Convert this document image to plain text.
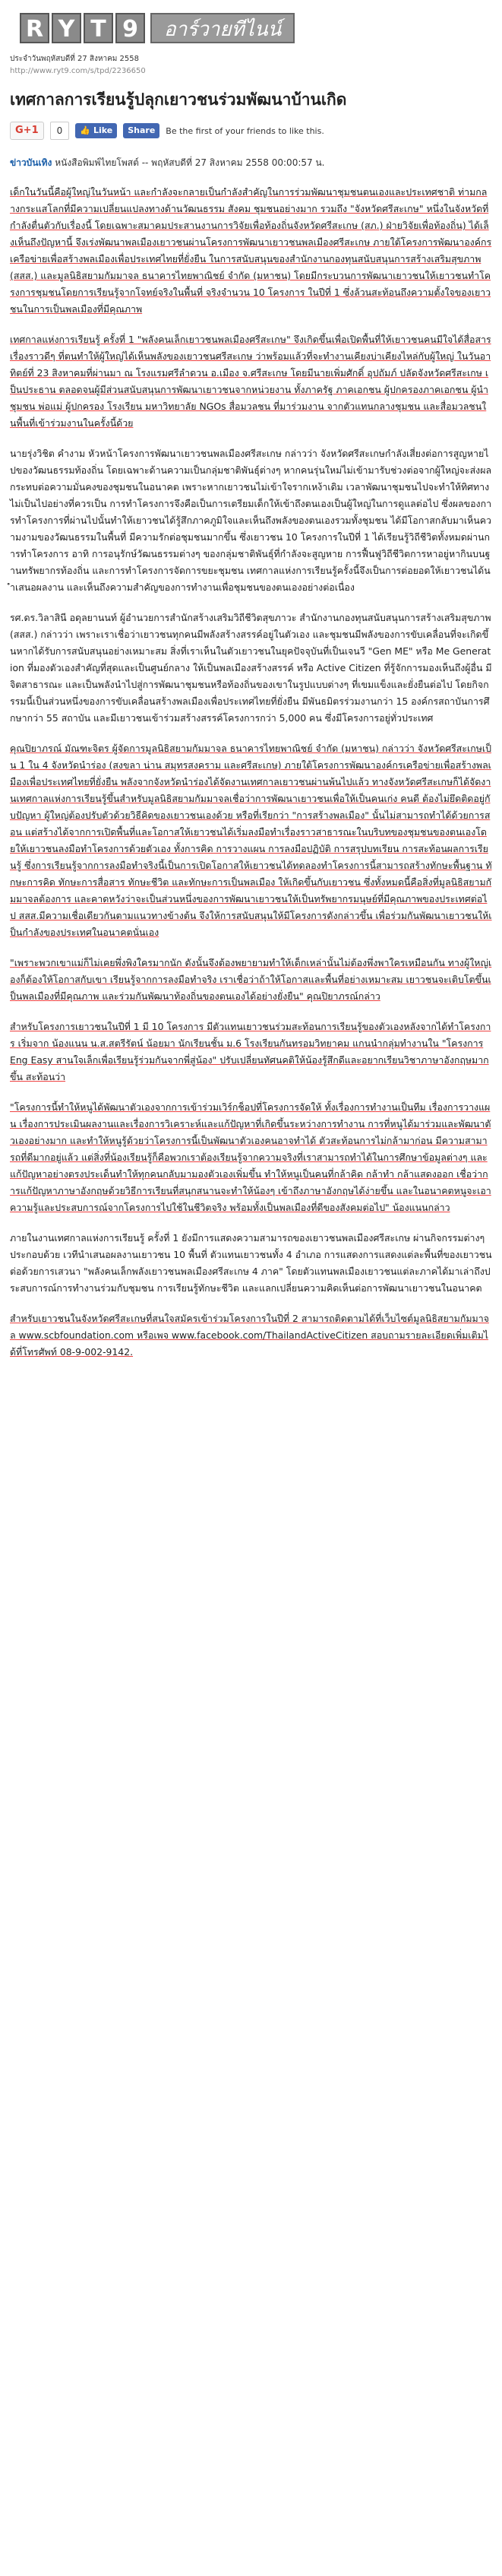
R Y T 9	อาร์วายทีไนน์
ประจำวันพฤหัสบดีที่ 27 สิงหาคม 2558
http://www.ryt9.com/s/tpd/2236650
เทศกาลการเรียนรู้ปลุกเยาวชนร่วมพัฒนาบ้านเกิด
G+1	0	👍 Like	Share	Be the first of your friends to like this.
ข่าวบันเทิง หนังสือพิมพ์ไทยโพสต์ -- พฤหัสบดีที่ 27 สิงหาคม 2558 00:00:57 น.

เด็กในวันนี้คือผู้ใหญ่ในวันหน้า และกำลังจะกลายเป็นกำลังสำคัญในการร่วมพัฒนาชุมชนตนเองและประเทศชาติ ท่ามกลางกระแสโลกที่มีความเปลี่ยนแปลงทางด้านวัฒนธรรม สังคม ชุมชนอย่างมาก รวมถึง "จังหวัดศรีสะเกษ" หนึ่งในจังหวัดที่กำลังตื่นตัวกับเรื่องนี้ โดยเฉพาะสมาคมประสานงานการวิจัยเพื่อท้องถิ่นจังหวัดศรีสะเกษ (สภ.) ฝ่ายวิจัยเพื่อท้องถิ่น) ได้เล็งเห็นถึงปัญหานี้ จึงเร่งพัฒนาพลเมืองเยาวชนผ่านโครงการพัฒนาเยาวชนพลเมืองศรีสะเกษ ภายใต้โครงการพัฒนาองค์กรเครือข่ายเพื่อสร้างพลเมืองเพื่อประเทศไทยที่ยั่งยืน ในการสนับสนุนของสำนักงานกองทุนสนับสนุนการสร้างเสริมสุขภาพ (สสส.) และมูลนิธิสยามกัมมาจล ธนาคารไทยพาณิชย์ จำกัด (มหาชน) โดยมีกระบวนการพัฒนาเยาวชนให้เยาวชนทำโครงการชุมชนโดยการเรียนรู้จากโจทย์จริงในพื้นที่ จริงจำนวน 10 โครงการ ในปีที่ 1 ซึ่งล้วนสะท้อนถึงความตั้งใจของเยาวชนในการเป็นพลเมืองที่มีคุณภาพ

เทศกาลแห่งการเรียนรู้ ครั้งที่ 1 "พลังคนเล็กเยาวชนพลเมืองศรีสะเกษ" จึงเกิดขึ้นเพื่อเปิดพื้นที่ให้เยาวชนคนมีใจได้สื่อสารเรื่องราวดีๆ ที่ตนทำให้ผู้ใหญ่ได้เห็นพลังของเยาวชนศรีสะเกษ ว่าพร้อมแล้วที่จะทำงานเคียงบ่าเคียงไหล่กับผู้ใหญ่ ในวันอาทิตย์ที่ 23 สิงหาคมที่ผ่านมา ณ โรงแรมศรีลำดวน อ.เมือง จ.ศรีสะเกษ โดยมีนายเพิ่มศักดิ์ อุปถัมภ์ ปลัดจังหวัดศรีสะเกษ เป็นประธาน ตลอดจนผู้มีส่วนสนับสนุนการพัฒนาเยาวชนจากหน่วยงาน ทั้งภาครัฐ ภาคเอกชน ผู้ปกครองภาคเอกชน ผู้นำชุมชน พ่อแม่ ผู้ปกครอง โรงเรียน มหาวิทยาลัย NGOs สื่อมวลชน ที่มาร่วมงาน จากตัวแทนกลางชุมชน และสื่อมวลชนในพื้นที่เข้าร่วมงานในครั้งนี้ด้วย

นายรุ่งวิชิต คำงาม หัวหน้าโครงการพัฒนาเยาวชนพลเมืองศรีสะเกษ กล่าวว่า จังหวัดศรีสะเกษกำลังเสี่ยงต่อการสูญหายไปของวัฒนธรรมท้องถิ่น โดยเฉพาะด้านความเป็นกลุ่มชาติพันธุ์ต่างๆ หากคนรุ่นใหม่ไม่เข้ามารับช่วงต่อจากผู้ใหญ่จะส่งผลกระทบต่อความมั่นคงของชุมชนในอนาคต เพราะหากเยาวชนไม่เข้าใจรากเหง้าเดิม เวลาพัฒนาชุมชนไปจะทำให้ทิศทางไม่เป็นไปอย่างที่ควรเป็น การทำโครงการจึงคือเป็นการเตรียมเด็กให้เข้าถึงตนเองเป็นผู้ใหญ่ในการดูแลต่อไป ซึ่งผลของการทำโครงการที่ผ่านไปนั้นทำให้เยาวชนได้รู้สึกภาคภูมิใจและเห็นถึงพลังของตนเองรวมทั้งชุมชน ได้มีโอกาสกลับมาเห็นความงามของวัฒนธรรมในพื้นที่ มีความรักต่อชุมชนมากขึ้น ซึ่งเยาวชน 10 โครงการในปีที่ 1 ได้เรียนรู้วิถีชีวิตทั้งหมดผ่านการทำโครงการ อาทิ การอนุรักษ์วัฒนธรรมต่างๆ ของกลุ่มชาติพันธุ์ที่กำลังจะสูญหาย การฟื้นฟูวิถีชีวิตการหาอยู่หากินบนฐานทรัพยากรท้องถิ่น และการทำโครงการจัดการขยะชุมชน เทศกาลแห่งการเรียนรู้ครั้งนี้จึงเป็นการต่อยอดให้เยาวชนได้นำเสนอผลงาน และเห็นถึงความสำคัญของการทำงานเพื่อชุมชนของตนเองอย่างต่อเนื่อง

รศ.ดร.วิลาสินี อดุลยานนท์ ผู้อำนวยการสำนักสร้างเสริมวิถีชีวิตสุขภาวะ สำนักงานกองทุนสนับสนุนการสร้างเสริมสุขภาพ (สสส.) กล่าวว่า เพราะเราเชื่อว่าเยาวชนทุกคนมีพลังสร้างสรรค์อยู่ในตัวเอง และชุมชนมีพลังของการขับเคลื่อนที่จะเกิดขึ้นหากได้รับการสนับสนุนอย่างเหมาะสม สิ่งที่เราเห็นในตัวเยาวชนในยุคปัจจุบันที่เป็นเจนวี "Gen ME" หรือ Me Generation ที่มองตัวเองสำคัญที่สุดและเป็นศูนย์กลาง ให้เป็นพลเมืองสร้างสรรค์ หรือ Active Citizen ที่รู้จักการมองเห็นถึงผู้อื่น มีจิตสาธารณะ และเป็นพลังนำไปสู่การพัฒนาชุมชนหรือท้องถิ่นของเขาในรูปแบบต่างๆ ที่เขมแข็งและยั่งยืนต่อไป โดยกิจกรรมนี้เป็นส่วนหนึ่งของการขับเคลื่อนสร้างพลเมืองเพื่อประเทศไทยที่ยั่งยืน มีพันธมิตรร่วมงานกว่า 15 องค์กรสถาบันการศึกษากว่า 55 สถาบัน และมีเยาวชนเข้าร่วมสร้างสรรค์โครงการกว่า 5,000 คน ซึ่งมีโครงการอยู่ทั่วประเทศ

คุณปิยาภรณ์ มัณฑะจิตร ผู้จัดการมูลนิธิสยามกัมมาจล ธนาคารไทยพาณิชย์ จำกัด (มหาชน) กล่าวว่า จังหวัดศรีสะเกษเป็น 1 ใน 4 จังหวัดนำร่อง (สงขลา น่าน สมุทรสงคราม และศรีสะเกษ) ภายใต้โครงการพัฒนาองค์กรเครือข่ายเพื่อสร้างพลเมืองเพื่อประเทศไทยที่ยั่งยืน พลังจากจังหวัดนำร่องได้จัดงานเทศกาลเยาวชนผ่านพ้นไปแล้ว ทางจังหวัดศรีสะเกษก็ได้จัดงานเทศกาลแห่งการเรียนรู้ขึ้นสำหรับมูลนิธิสยามกัมมาจลเชื่อว่าการพัฒนาเยาวชนเพื่อให้เป็นคนเก่ง คนดี ต้องไม่ยึดติดอยู่กับปัญหา ผู้ใหญ่ต้องปรับตัวด้วยวิธีคิดของเยาวชนเองด้วย หรือที่เรียกว่า "การสร้างพลเมือง" นั้นไม่สามารถทำได้ด้วยการสอน แต่สร้างได้จากการเปิดพื้นที่และโอกาสให้เยาวชนได้เริ่มลงมือทำเรื่องราวสาธารณะในบริบทของชุมชนของตนเองโดยให้เยาวชนลงมือทำโครงการด้วยตัวเอง ทั้งการคิด การวางแผน การลงมือปฏิบัติ การสรุปบทเรียน การสะท้อนผลการเรียนรู้ ซึ่งการเรียนรู้จากการลงมือทำจริงนี้เป็นการเปิดโอกาสให้เยาวชนได้ทดลองทำโครงการนี้สามารถสร้างทักษะพื้นฐาน ทักษะการคิด ทักษะการสื่อสาร ทักษะชีวิต และทักษะการเป็นพลเมือง ให้เกิดขึ้นกับเยาวชน ซึ่งทั้งหมดนี้คือสิ่งที่มูลนิธิสยามกัมมาจลต้องการ และคาดหวังว่าจะเป็นส่วนหนึ่งของการพัฒนาเยาวชนให้เป็นทรัพยากรมนุษย์ที่มีคุณภาพของประเทศต่อไป สสส.มีความเชื่อเดียวกันตามแนวทางข้างต้น จึงให้การสนับสนุนให้มีโครงการดังกล่าวขึ้น เพื่อร่วมกันพัฒนาเยาวชนให้เป็นกำลังของประเทศในอนาคตนั่นเอง

"เพราะพวกเขาแม่ก็ไม่เคยพึ่งพิงใครมากนัก ดังนั้นจึงต้องพยายามทำให้เด็กเหล่านั้นไม่ต้องพึ่งพาใครเหมือนกัน ทางผู้ใหญ่เองก็ต้องให้โอกาสกับเขา เรียนรู้จากการลงมือทำจริง เราเชื่อว่าถ้าให้โอกาสและพื้นที่อย่างเหมาะสม เยาวชนจะเติบโตขึ้นเป็นพลเมืองที่มีคุณภาพ และร่วมกันพัฒนาท้องถิ่นของตนเองได้อย่างยั่งยืน" คุณปิยาภรณ์กล่าว

สำหรับโครงการเยาวชนในปีที่ 1 มี 10 โครงการ มีตัวแทนเยาวชนร่วมสะท้อนการเรียนรู้ของตัวเองหลังจากได้ทำโครงการ เริ่มจาก น้องแนน น.ส.สตรีรัตน์ น้อยมา นักเรียนชั้น ม.6 โรงเรียนกันทรอมวิทยาคม แกนนำกลุ่มทำงานใน "โครงการ Eng Easy สานใจเล็กเพื่อเรียนรู้ร่วมกันจากพี่สู่น้อง" ปรับเปลี่ยนทัศนคติให้น้องรู้สึกดีและอยากเรียนวิชาภาษาอังกฤษมากขึ้น สะท้อนว่า

"โครงการนี้ทำให้หนูได้พัฒนาตัวเองจากการเข้าร่วมเวิร์กช็อปที่โครงการจัดให้ ทั้งเรื่องการทำงานเป็นทีม เรื่องการวางแผน เรื่องการประเมินผลงานและเรื่องการวิเคราะห์และแก้ปัญหาที่เกิดขึ้นระหว่างการทำงาน การที่หนูได้มาร่วมและพัฒนาตัวเองอย่างมาก และทำให้หนูรู้ด้วยว่าโครงการนี้เป็นพัฒนาตัวเองคนอาจทำได้ ตัวสะท้อนการไม่กล้ามาก่อน มีความสามารถที่ดีมากอยู่แล้ว แต่สิ่งที่น้องเรียนรู้ก็คือพวกเราต้องเรียนรู้จากความจริงที่เราสามารถทำได้ในการศึกษาข้อมูลต่างๆ และแก้ปัญหาอย่างตรงประเด็นทำให้ทุกคนกลับมามองตัวเองเพิ่มขึ้น ทำให้หนูเป็นคนที่กล้าคิด กล้าทำ กล้าแสดงออก เชื่อว่าการแก้ปัญหาภาษาอังกฤษด้วยวิธีการเรียนที่สนุกสนานจะทำให้น้องๆ เข้าถึงภาษาอังกฤษได้ง่ายขึ้น และในอนาคตหนูจะเอาความรู้และประสบการณ์จากโครงการไปใช้ในชีวิตจริง พร้อมทั้งเป็นพลเมืองที่ดีของสังคมต่อไป" น้องแนนกล่าว

ภายในงานเทศกาลแห่งการเรียนรู้ ครั้งที่ 1 ยังมีการแสดงความสามารถของเยาวชนพลเมืองศรีสะเกษ ผ่านกิจกรรมต่างๆ ประกอบด้วย เวทีนำเสนอผลงานเยาวชน 10 พื้นที่ ตัวแทนเยาวชนทั้ง 4 อำเภอ การแสดงการแสดงแต่ละพื้นที่ของเยาวชน ต่อด้วยการเสวนา "พลังคนเล็กพลังเยาวชนพลเมืองศรีสะเกษ 4 ภาค" โดยตัวแทนพลเมืองเยาวชนแต่ละภาคได้มาเล่าถึงประสบการณ์การทำงานร่วมกับชุมชน การเรียนรู้ทักษะชีวิต และแลกเปลี่ยนความคิดเห็นต่อการพัฒนาเยาวชนในอนาคต

สำหรับเยาวชนในจังหวัดศรีสะเกษที่สนใจสมัครเข้าร่วมโครงการในปีที่ 2 สามารถติดตามได้ที่เว็บไซต์มูลนิธิสยามกัมมาจล www.scbfoundation.com หรือเพจ www.facebook.com/ThailandActiveCitizen สอบถามรายละเอียดเพิ่มเติมได้ที่โทรศัพท์ 08-9-002-9142.
